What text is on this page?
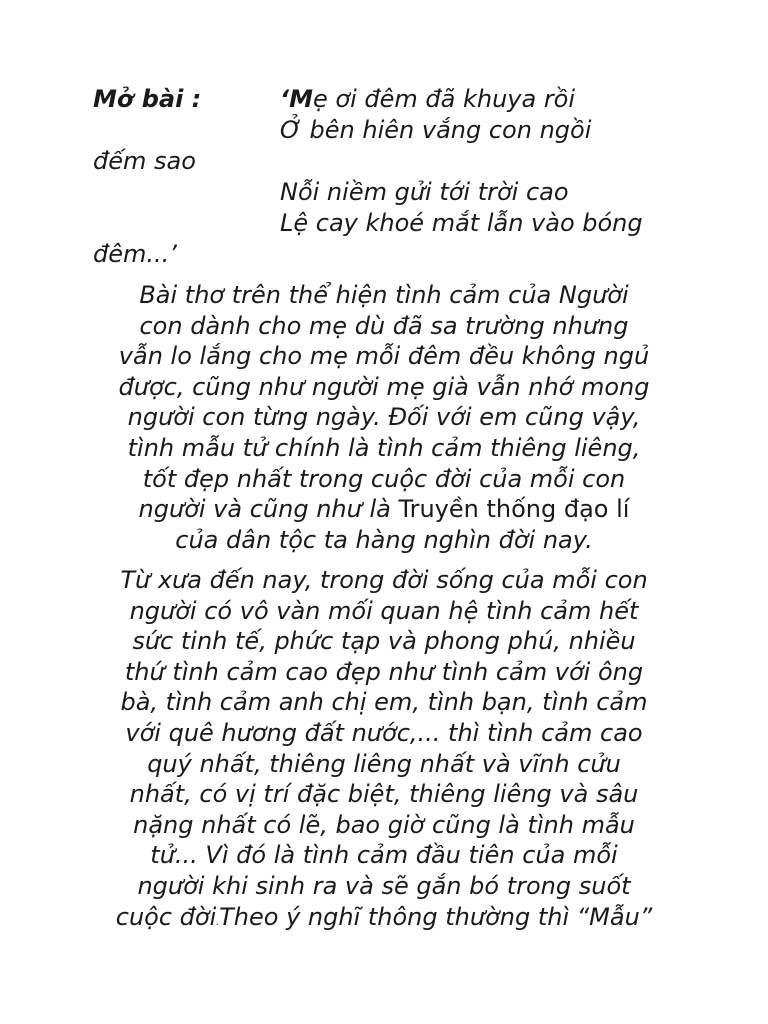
Mở bài :	‘Mẹ ơi đêm đã khuya rồi
Ở bên hiên vắng con ngồi
đếm sao
Nỗi niềm gửi tới trời cao
Lệ cay khoé mắt lẫn vào bóng
đêm...’
Bài thơ trên thể hiện tình cảm của Người
con dành cho mẹ dù đã sa trường nhưng
vẫn lo lắng cho mẹ mỗi đêm đều không ngủ
được, cũng như người mẹ già vẫn nhớ mong
người con từng ngày. Đối với em cũng vậy,
tình mẫu tử chính là tình cảm thiêng liêng,
tốt đẹp nhất trong cuộc đời của mỗi con
người và cũng như là Truyền thống đạo lí
của dân tộc ta hàng nghìn đời nay.
Từ xưa đến nay, trong đời sống của mỗi con
người có vô vàn mối quan hệ tình cảm hết
sức tinh tế, phức tạp và phong phú, nhiều
thứ tình cảm cao đẹp như tình cảm với ông
bà, tình cảm anh chị em, tình bạn, tình cảm
với quê hương đất nước,... thì tình cảm cao
quý nhất, thiêng liêng nhất và vĩnh cửu
nhất, có vị trí đặc biệt, thiêng liêng và sâu
nặng nhất có lẽ, bao giờ cũng là tình mẫu
tử... Vì đó là tình cảm đầu tiên của mỗi
người khi sinh ra và sẽ gắn bó trong suốt
cuộc đời.Theo ý nghĩ thông thường thì “Mẫu”
